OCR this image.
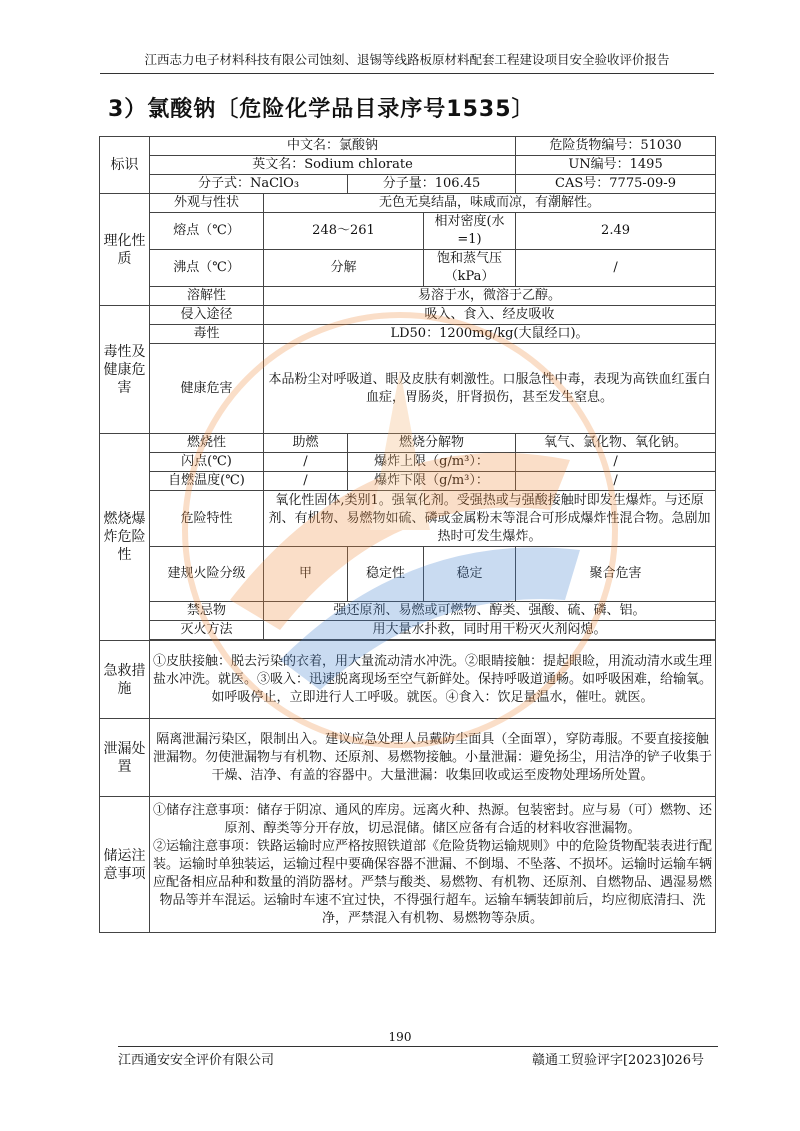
江西志力电子材料科技有限公司蚀刻、退锡等线路板原材料配套工程建设项目安全验收评价报告
3）氯酸钠〔危险化学品目录序号1535〕
标识	中文名：氯酸钠				危险货物编号：51030	
	英文名：Sodium chlorate				UN编号：1495	
	分子式：NaClO₃		分子量：106.45		CAS号：7775-09-9	
理化性质	外观与性状	无色无臭结晶，味咸而凉，有潮解性。				
	熔点（℃）	248～261		相对密度(水=1)	2.49	
	沸点（℃）	分解		饱和蒸气压（kPa）	/	
	溶解性	易溶于水，微溶于乙醇。				
毒性及健康危害	侵入途径	吸入、食入、经皮吸收				
	毒性	LD50：1200mg/kg(大鼠经口)。				
	健康危害	本品粉尘对呼吸道、眼及皮肤有刺激性。口服急性中毒，表现为高铁血红蛋白血症，胃肠炎，肝肾损伤，甚至发生窒息。				
燃烧爆炸危险性	燃烧性	助燃	燃烧分解物		氧气、氯化物、氧化钠。	
	闪点(℃)	/	爆炸上限（g/m³）：		/	
	自燃温度(℃)	/	爆炸下限（g/m³）：		/	
	危险特性	氧化性固体,类别1。强氧化剂。受强热或与强酸接触时即发生爆炸。与还原剂、有机物、易燃物如硫、磷或金属粉末等混合可形成爆炸性混合物。急剧加热时可发生爆炸。				
	建规火险分级	甲	稳定性	稳定	聚合危害	
	禁忌物	强还原剂、易燃或可燃物、醇类、强酸、硫、磷、铝。				
	灭火方法	用大量水扑救，同时用干粉灭火剂闷熄。				

急救措施	①皮肤接触：脱去污染的衣着，用大量流动清水冲洗。②眼睛接触：提起眼睑，用流动清水或生理盐水冲洗。就医。③吸入：迅速脱离现场至空气新鲜处。保持呼吸道通畅。如呼吸困难，给输氧。如呼吸停止，立即进行人工呼吸。就医。④食入：饮足量温水，催吐。就医。					
泄漏处置	隔离泄漏污染区，限制出入。建议应急处理人员戴防尘面具（全面罩），穿防毒服。不要直接接触泄漏物。勿使泄漏物与有机物、还原剂、易燃物接触。小量泄漏：避免扬尘，用洁净的铲子收集于干燥、洁净、有盖的容器中。大量泄漏：收集回收或运至废物处理场所处置。					
储运注意事项	①储存注意事项：储存于阴凉、通风的库房。远离火种、热源。包装密封。应与易（可）燃物、还原剂、醇类等分开存放，切忌混储。储区应备有合适的材料收容泄漏物。
②运输注意事项：铁路运输时应严格按照铁道部《危险货物运输规则》中的危险货物配装表进行配装。运输时单独装运，运输过程中要确保容器不泄漏、不倒塌、不坠落、不损坏。运输时运输车辆应配备相应品种和数量的消防器材。严禁与酸类、易燃物、有机物、还原剂、自燃物品、遇湿易燃物品等并车混运。运输时车速不宜过快，不得强行超车。运输车辆装卸前后，均应彻底清扫、洗净，严禁混入有机物、易燃物等杂质。					
190
江西通安安全评价有限公司	赣通工贸验评字[2023]026号
